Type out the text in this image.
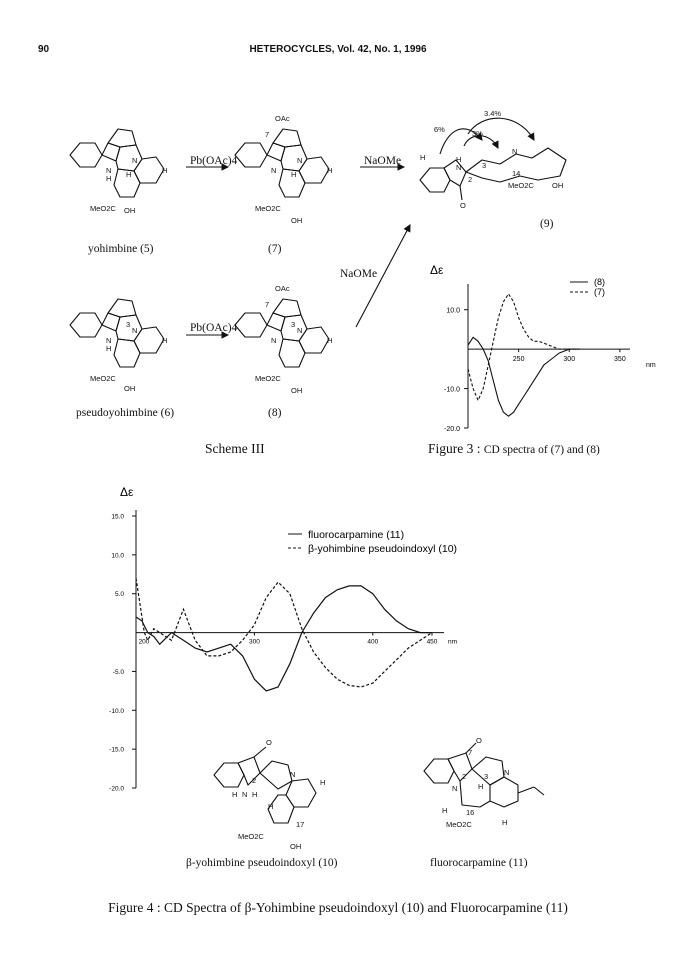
90	HETEROCYCLES, Vol. 42, No. 1, 1996
N
H
N
H	H
MeO2C OH
OAc
7
N
N
H	H
MeO2C
OH
3.4%
6%	3%
N
H
2
3
N
14
MeO2C OH
O
H
N
H
3
N
H
MeO2C
OH
OAc
7
N
3
N
H
MeO2C
OH
Pb(OAc)4	NaOMe
Pb(OAc)4
NaOMe
yohimbine (5)	(7)
(9)
pseudoyohimbine (6)	(8)
Scheme III
Δε
10.0
-10.0
-20.0
250	300	350
nm
(8)
(7)
Figure 3 : CD spectra of (7) and (8)
Δε
15.0
10.0
5.0
-5.0
-10.0
-15.0
-20.0
200	300	400	450 nm
fluorocarpamine (11)
β-yohimbine pseudoindoxyl (10)
O
2
N
H H
N
H
H
17
MeO2C
OH
β-yohimbine pseudoindoxyl (10)
O
7
2
N
3
H
N
H 16
MeO2C	H
fluorocarpamine (11)
Figure 4 : CD Spectra of β-Yohimbine pseudoindoxyl (10) and Fluorocarpamine (11)
